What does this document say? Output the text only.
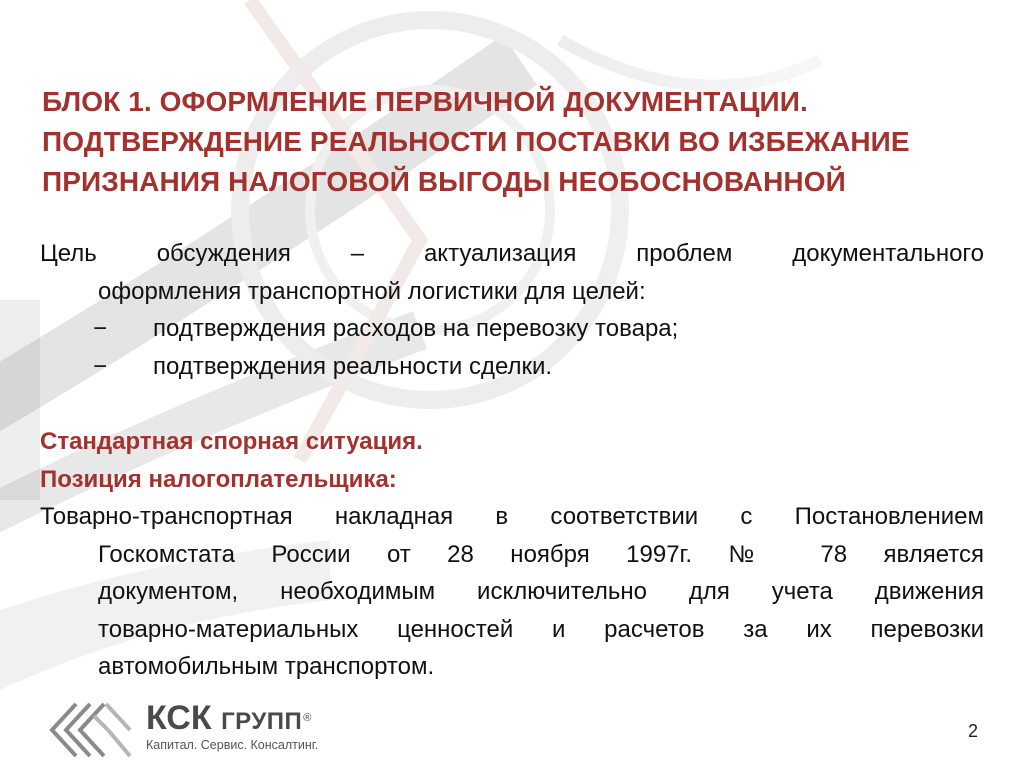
БЛОК 1. ОФОРМЛЕНИЕ ПЕРВИЧНОЙ ДОКУМЕНТАЦИИ.
ПОДТВЕРЖДЕНИЕ РЕАЛЬНОСТИ ПОСТАВКИ ВО ИЗБЕЖАНИЕ
ПРИЗНАНИЯ НАЛОГОВОЙ ВЫГОДЫ НЕОБОСНОВАННОЙ
Цель обсуждения – актуализация проблем документального
оформления транспортной логистики для целей:
− подтверждения расходов на перевозку товара;
− подтверждения реальности сделки.
Стандартная спорная ситуация.
Позиция налогоплательщика:
Товарно-транспортная накладная в соответствии с Постановлением
Госкомстата России от 28 ноября 1997г. № 78 является
документом, необходимым исключительно для учета движения
товарно-материальных ценностей и расчетов за их перевозки
автомобильным транспортом.
КСК ГРУПП®
Капитал. Сервис. Консалтинг.
2
